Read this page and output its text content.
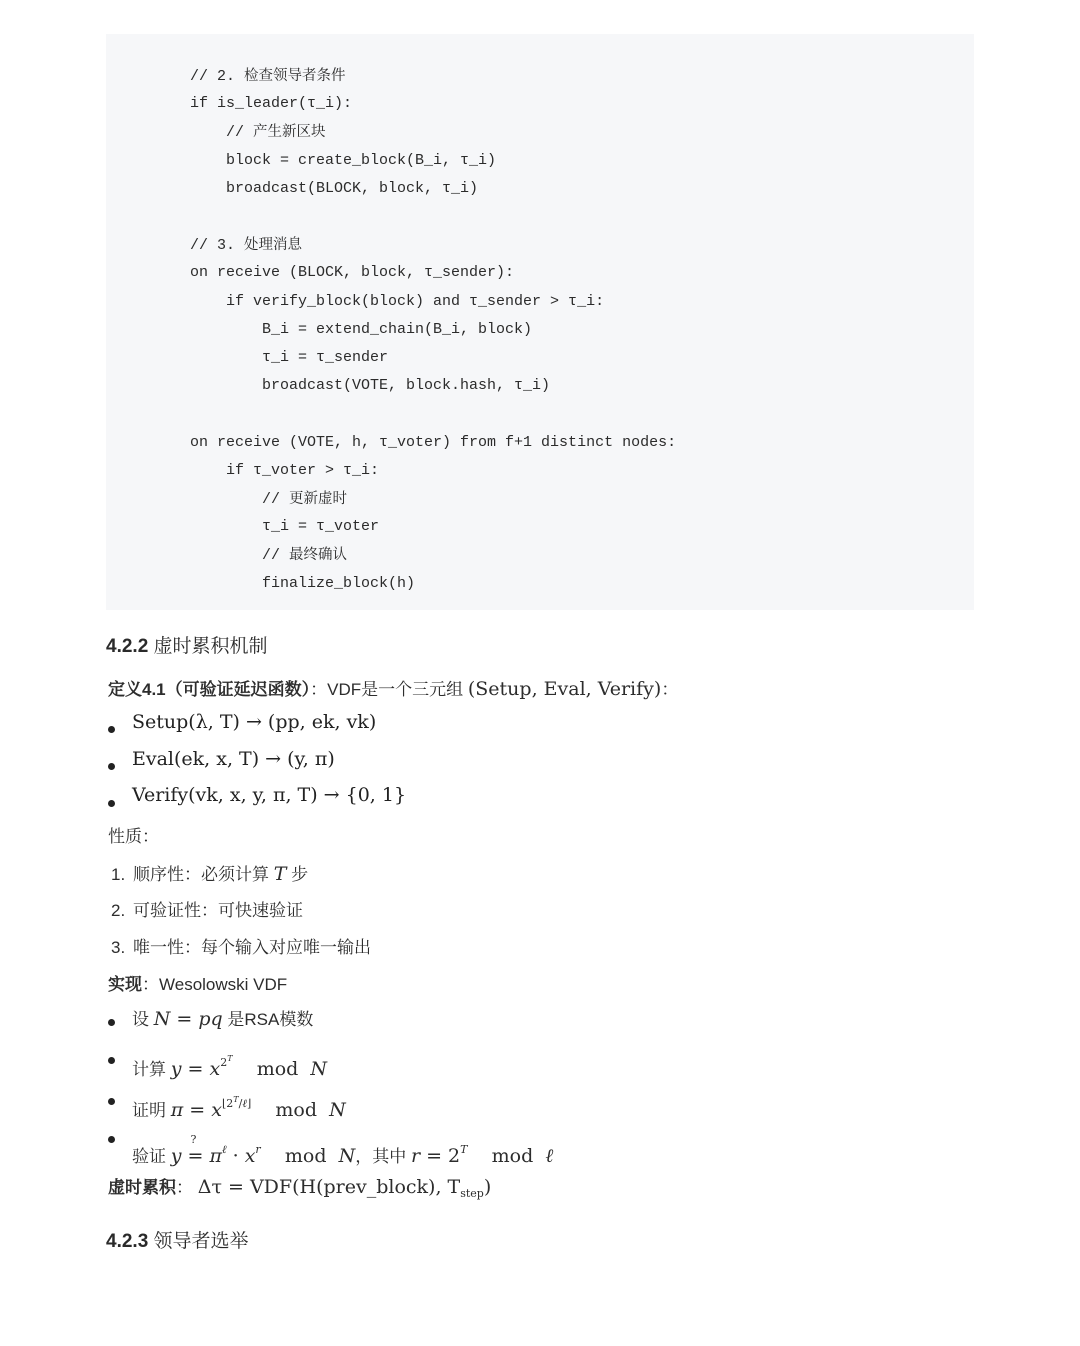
// 2. 检查领导者条件
if is_leader(τ_i):
// 产生新区块
block = create_block(B_i, τ_i)
broadcast(BLOCK, block, τ_i)
// 3. 处理消息
on receive (BLOCK, block, τ_sender):
if verify_block(block) and τ_sender > τ_i:
B_i = extend_chain(B_i, block)
τ_i = τ_sender
broadcast(VOTE, block.hash, τ_i)
on receive (VOTE, h, τ_voter) from f+1 distinct nodes:
if τ_voter > τ_i:
// 更新虚时
τ_i = τ_voter
// 最终确认
finalize_block(h)
4.2.2 虚时累积机制
定义4.1（可验证延迟函数）：VDF是一个三元组 (Setup, Eval, Verify)：
Setup(λ, T) → (pp, ek, vk)
Eval(ek, x, T) → (y, π)
Verify(vk, x, y, π, T) → {0, 1}
性质：
1. 顺序性：必须计算 T 步
2. 可验证性：可快速验证
3. 唯一性：每个输入对应唯一输出
实现：Wesolowski VDF
设 N = pq 是RSA模数
计算 $y = x^{2^T}$ mod N
证明 $\pi = x^{⌊2^T/\ell⌋}$ mod N
验证 y =
?
$\pi^\ell \cdot x^r$ mod N，其中 $r = 2^T$ mod ℓ
虚时累积： Δτ = VDF(H(prev_block), $T_{step}$)
4.2.3 领导者选举
